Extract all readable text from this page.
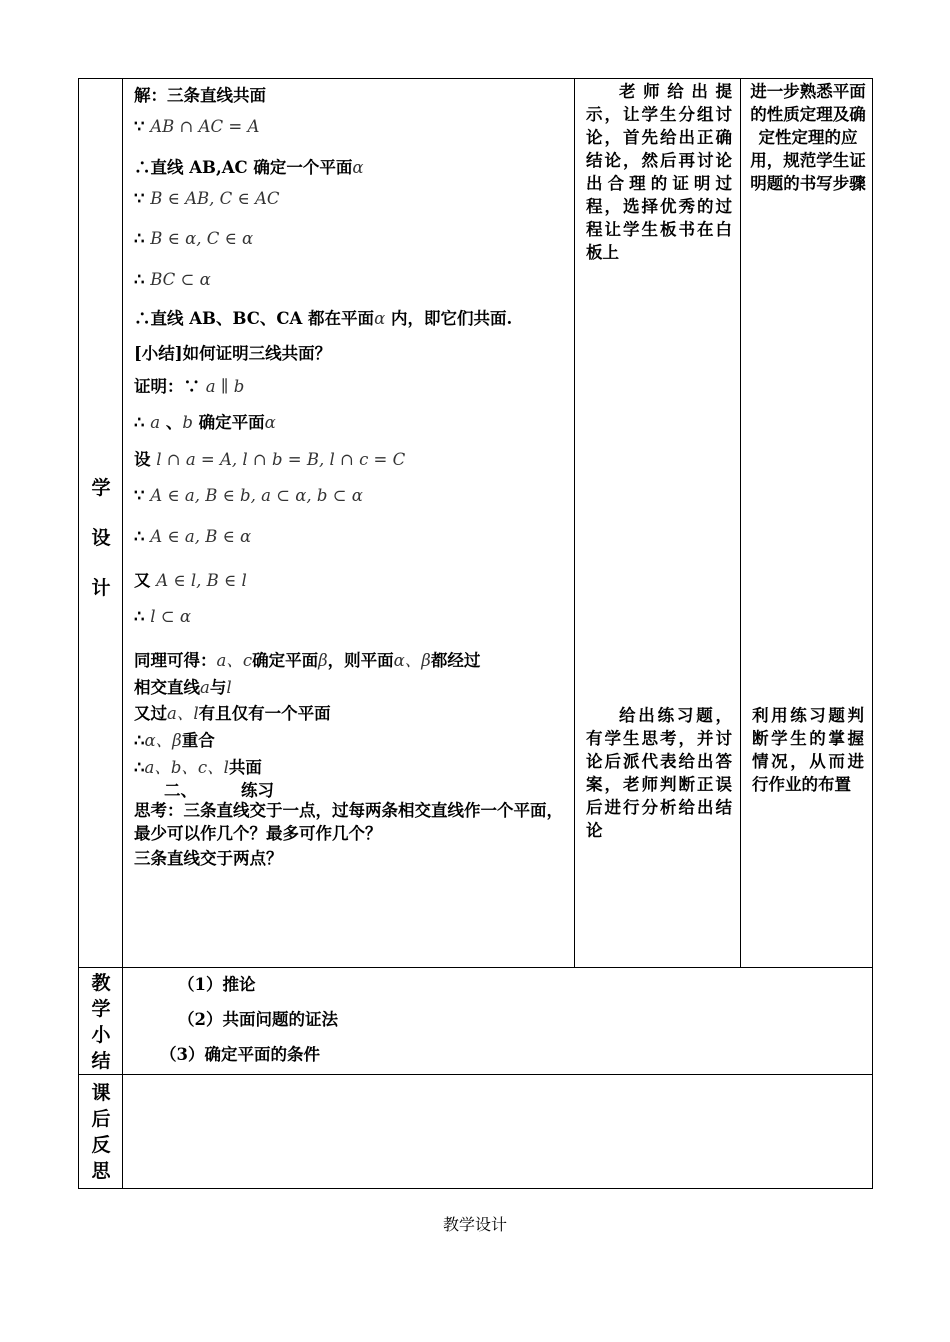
学
设
计
解：三条直线共面
∵ AB ∩ AC = A
∴直线 AB,AC 确定一个平面α
∵ B ∈ AB, C ∈ AC
∴ B ∈ α, C ∈ α
∴ BC ⊂ α
∴直线 AB、BC、CA 都在平面α 内，即它们共面.
[小结]如何证明三线共面？
证明：∵ a ∥ b
∴ a 、b 确定平面α
设 l ∩ a = A, l ∩ b = B, l ∩ c = C
∵ A ∈ a, B ∈ b, a ⊂ α, b ⊂ α
∴ A ∈ a, B ∈ α
又 A ∈ l, B ∈ l
∴ l ⊂ α
同理可得：a、c确定平面β，则平面α、β都经过
相交直线a与l
又过a、l有且仅有一个平面
∴α、β重合
∴a、b、c、l共面
二、	练习
思考：三条直线交于一点，过每两条相交直线作一个平面，最少可以作几个？最多可作几个？
三条直线交于两点？
老师给出提示，让学生分组讨论，首先给出正确结论，然后再讨论出合理的证明过程，选择优秀的过程让学生板书在白板上
给出练习题，有学生思考，并讨论后派代表给出答案，老师判断正误后进行分析给出结论
进一步熟悉平面的性质定理及确定性定理的应用，规范学生证明题的书写步骤
利用练习题判断学生的掌握情况，从而进行作业的布置
教
学
小
结
（1）推论
（2）共面问题的证法
（3）确定平面的条件
课
后
反
思
教学设计
